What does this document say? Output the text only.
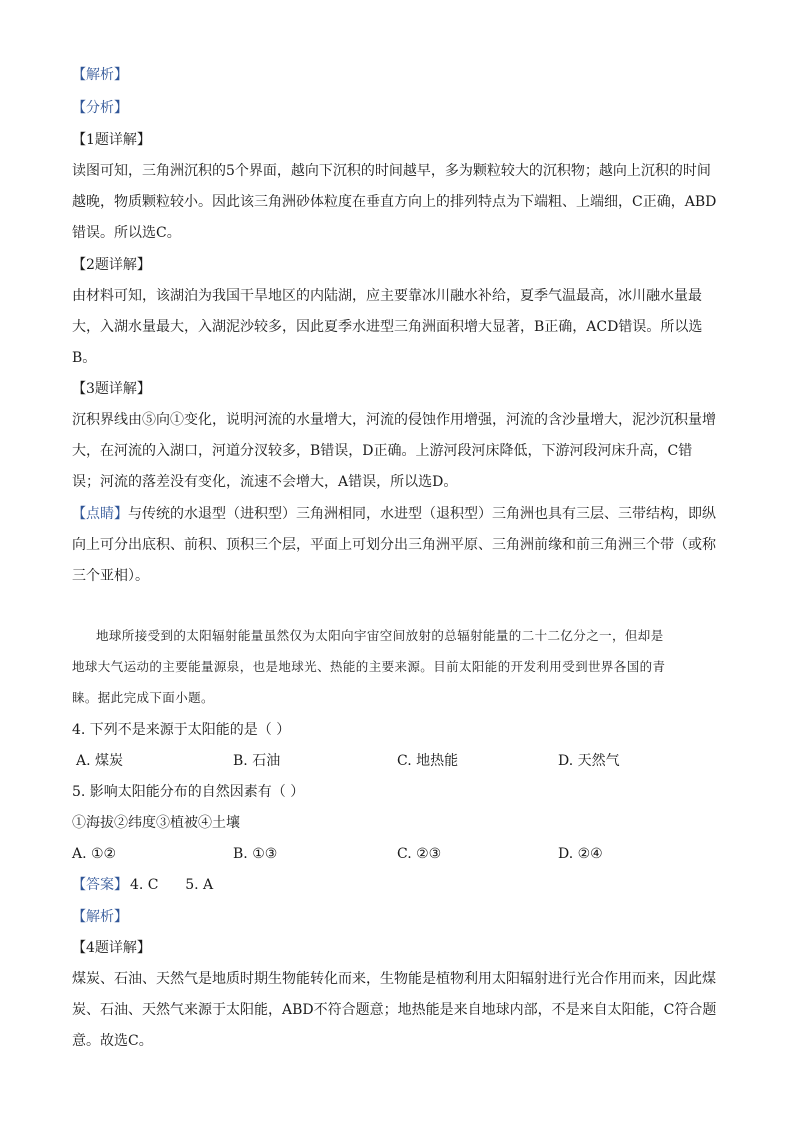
【解析】
【分析】
【1题详解】
读图可知，三角洲沉积的5个界面，越向下沉积的时间越早，多为颗粒较大的沉积物；越向上沉积的时间
越晚，物质颗粒较小。因此该三角洲砂体粒度在垂直方向上的排列特点为下端粗、上端细，C正确，ABD
错误。所以选C。
【2题详解】
由材料可知，该湖泊为我国干旱地区的内陆湖，应主要靠冰川融水补给，夏季气温最高，冰川融水量最
大，入湖水量最大，入湖泥沙较多，因此夏季水进型三角洲面积增大显著，B正确，ACD错误。所以选
B。
【3题详解】
沉积界线由⑤向①变化，说明河流的水量增大，河流的侵蚀作用增强，河流的含沙量增大，泥沙沉积量增
大，在河流的入湖口，河道分汊较多，B错误，D正确。上游河段河床降低，下游河段河床升高，C错
误；河流的落差没有变化，流速不会增大，A错误，所以选D。
【点睛】与传统的水退型（进积型）三角洲相同，水进型（退积型）三角洲也具有三层、三带结构，即纵
向上可分出底积、前积、顶积三个层，平面上可划分出三角洲平原、三角洲前缘和前三角洲三个带（或称
三个亚相）。
地球所接受到的太阳辐射能量虽然仅为太阳向宇宙空间放射的总辐射能量的二十二亿分之一，但却是
地球大气运动的主要能量源泉，也是地球光、热能的主要来源。目前太阳能的开发利用受到世界各国的青
睐。据此完成下面小题。
4. 下列不是来源于太阳能的是（ ）
A. 煤炭	B. 石油	C. 地热能	D. 天然气
5. 影响太阳能分布的自然因素有（ ）
①海拔②纬度③植被④土壤
A. ①②	B. ①③	C. ②③	D. ②④
【答案】 4. C      5. A
【解析】
【4题详解】
煤炭、石油、天然气是地质时期生物能转化而来，生物能是植物利用太阳辐射进行光合作用而来，因此煤
炭、石油、天然气来源于太阳能，ABD不符合题意；地热能是来自地球内部，不是来自太阳能，C符合题
意。故选C。
